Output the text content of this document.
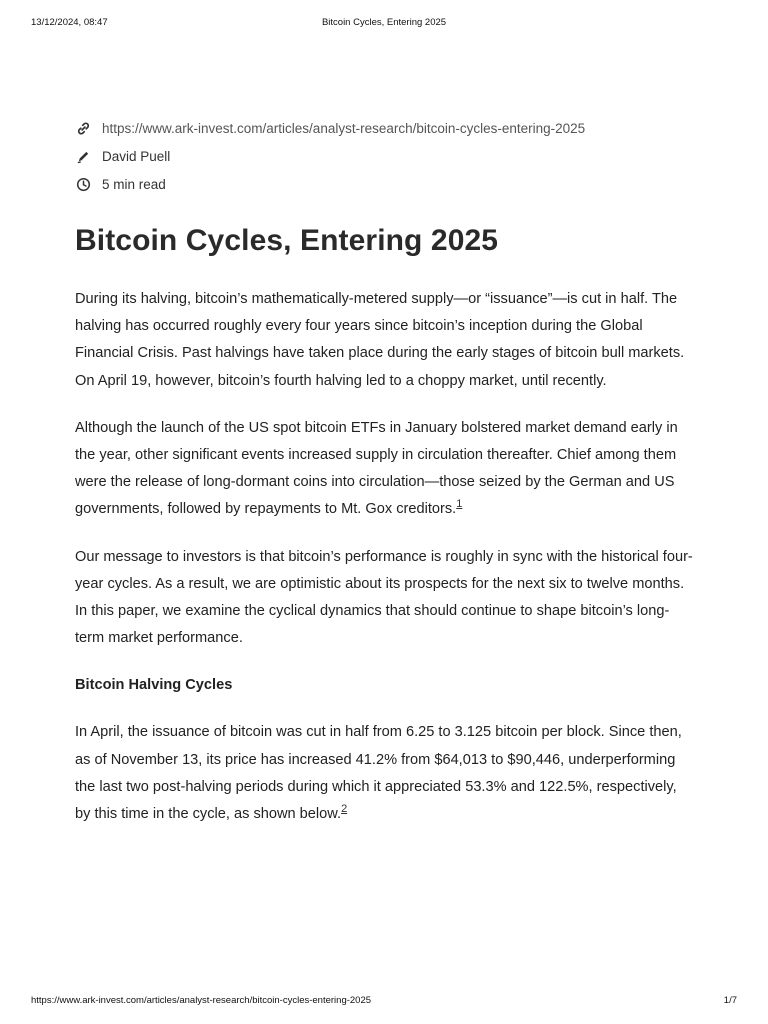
13/12/2024, 08:47	Bitcoin Cycles, Entering 2025
https://www.ark-invest.com/articles/analyst-research/bitcoin-cycles-entering-2025
David Puell
5 min read
Bitcoin Cycles, Entering 2025

During its halving, bitcoin’s mathematically-metered supply—or “issuance”—is cut in half. The halving has occurred roughly every four years since bitcoin’s inception during the Global Financial Crisis. Past halvings have taken place during the early stages of bitcoin bull markets. On April 19, however, bitcoin’s fourth halving led to a choppy market, until recently.

Although the launch of the US spot bitcoin ETFs in January bolstered market demand early in the year, other significant events increased supply in circulation thereafter. Chief among them were the release of long-dormant coins into circulation—those seized by the German and US governments, followed by repayments to Mt. Gox creditors.$^1$

Our message to investors is that bitcoin’s performance is roughly in sync with the historical four-year cycles. As a result, we are optimistic about its prospects for the next six to twelve months. In this paper, we examine the cyclical dynamics that should continue to shape bitcoin’s long-term market performance.

Bitcoin Halving Cycles

In April, the issuance of bitcoin was cut in half from 6.25 to 3.125 bitcoin per block. Since then, as of November 13, its price has increased 41.2% from $64,013 to $90,446, underperforming the last two post-halving periods during which it appreciated 53.3% and 122.5%, respectively, by this time in the cycle, as shown below.$^2$

https://www.ark-invest.com/articles/analyst-research/bitcoin-cycles-entering-2025	1/7
